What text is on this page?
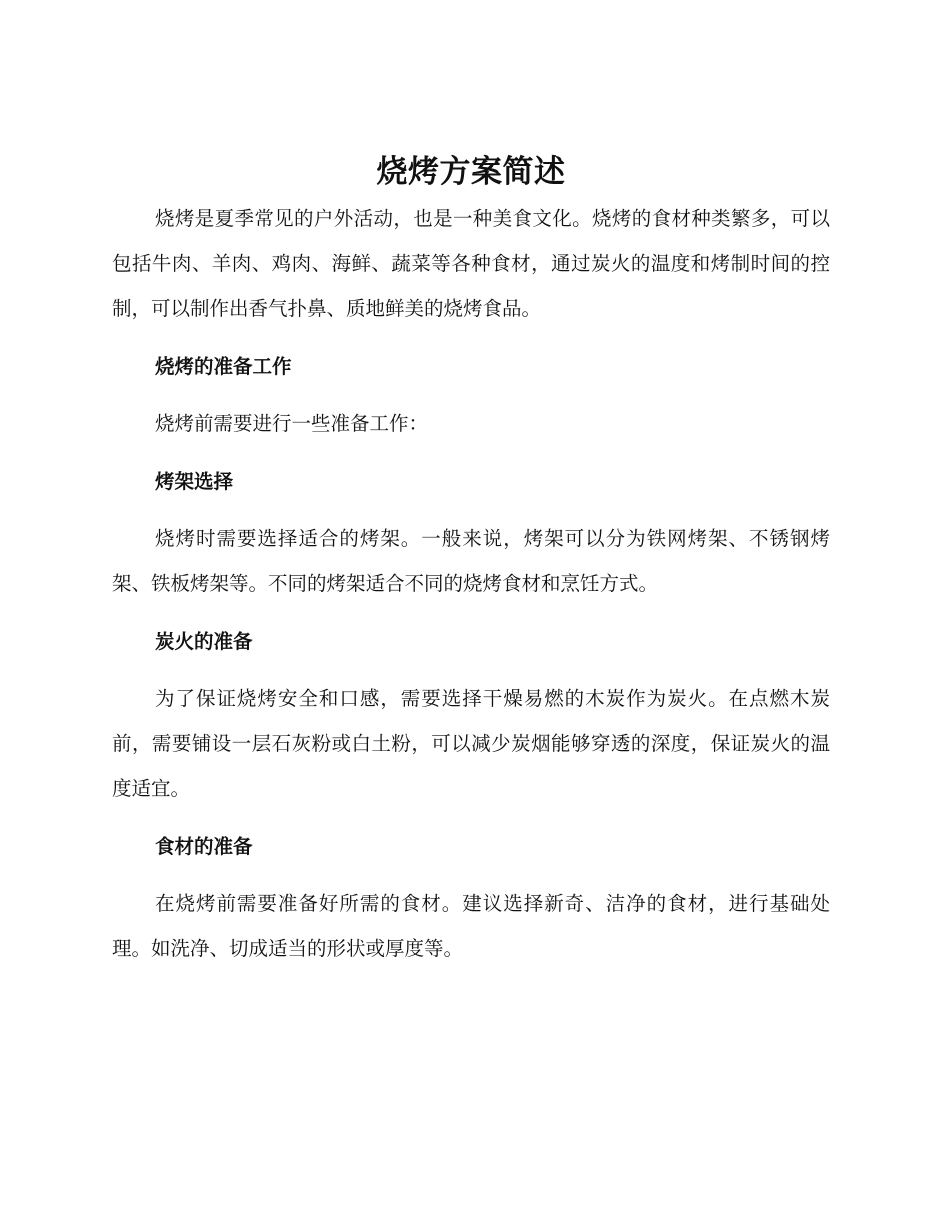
烧烤方案简述

烧烤是夏季常见的户外活动，也是一种美食文化。烧烤的食材种类繁多，可以包括牛肉、羊肉、鸡肉、海鲜、蔬菜等各种食材，通过炭火的温度和烤制时间的控制，可以制作出香气扑鼻、质地鲜美的烧烤食品。

烧烤的准备工作

烧烤前需要进行一些准备工作：

烤架选择

烧烤时需要选择适合的烤架。一般来说，烤架可以分为铁网烤架、不锈钢烤架、铁板烤架等。不同的烤架适合不同的烧烤食材和烹饪方式。

炭火的准备

为了保证烧烤安全和口感，需要选择干燥易燃的木炭作为炭火。在点燃木炭前，需要铺设一层石灰粉或白土粉，可以减少炭烟能够穿透的深度，保证炭火的温度适宜。

食材的准备

在烧烤前需要准备好所需的食材。建议选择新奇、洁净的食材，进行基础处理。如洗净、切成适当的形状或厚度等。
